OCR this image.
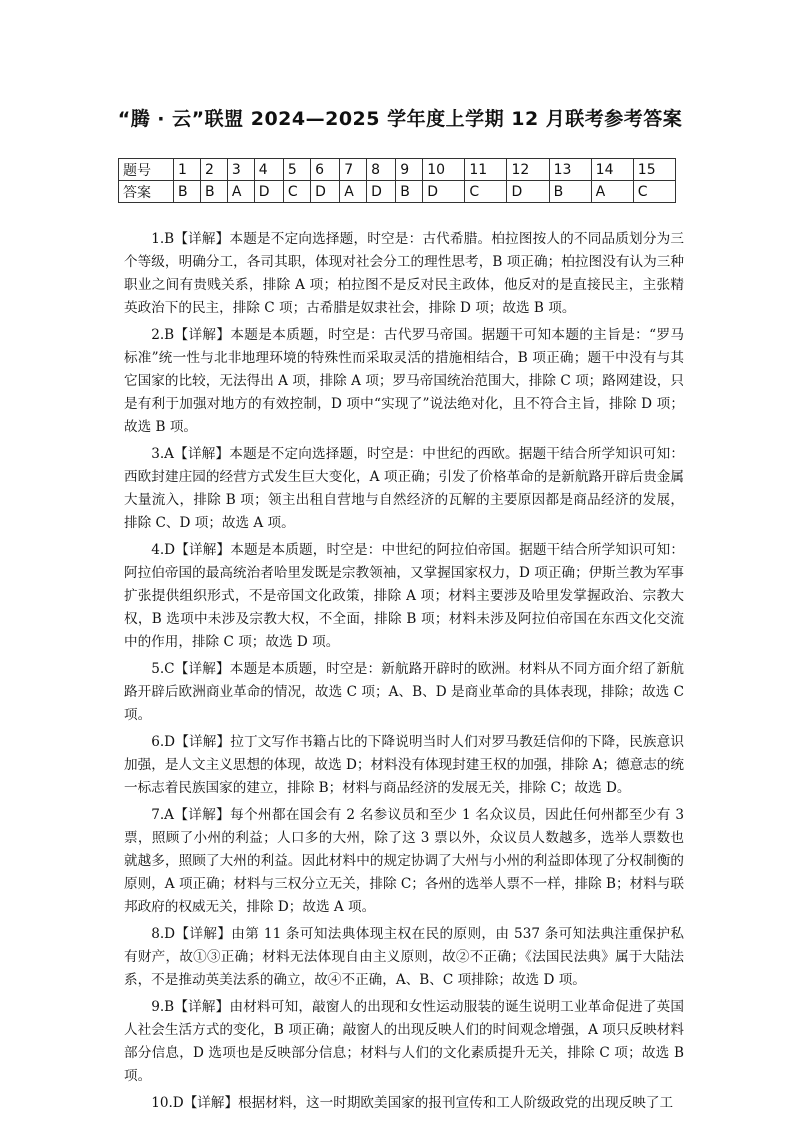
“腾 · 云”联盟 2024—2025 学年度上学期 12 月联考参考答案
题号	1	2	3	4	5	6	7	8	9	10	11	12	13	14	15
答案	B	B	A	D	C	D	A	D	B	D	C	D	B	A	C

1.B【详解】本题是不定向选择题，时空是：古代希腊。柏拉图按人的不同品质划分为三个等级，明确分工，各司其职，体现对社会分工的理性思考，B 项正确；柏拉图没有认为三种职业之间有贵贱关系，排除 A 项；柏拉图不是反对民主政体，他反对的是直接民主，主张精英政治下的民主，排除 C 项；古希腊是奴隶社会，排除 D 项；故选 B 项。

2.B【详解】本题是本质题，时空是：古代罗马帝国。据题干可知本题的主旨是：“罗马标准”统一性与北非地理环境的特殊性而采取灵活的措施相结合，B 项正确；题干中没有与其它国家的比较，无法得出 A 项，排除 A 项；罗马帝国统治范围大，排除 C 项；路网建设，只是有利于加强对地方的有效控制，D 项中“实现了”说法绝对化，且不符合主旨，排除 D 项；故选 B 项。

3.A【详解】本题是不定向选择题，时空是：中世纪的西欧。据题干结合所学知识可知：西欧封建庄园的经营方式发生巨大变化，A 项正确；引发了价格革命的是新航路开辟后贵金属大量流入，排除 B 项；领主出租自营地与自然经济的瓦解的主要原因都是商品经济的发展，排除 C、D 项；故选 A 项。

4.D【详解】本题是本质题，时空是：中世纪的阿拉伯帝国。据题干结合所学知识可知：阿拉伯帝国的最高统治者哈里发既是宗教领袖，又掌握国家权力，D 项正确；伊斯兰教为军事扩张提供组织形式，不是帝国文化政策，排除 A 项；材料主要涉及哈里发掌握政治、宗教大权，B 选项中未涉及宗教大权，不全面，排除 B 项；材料未涉及阿拉伯帝国在东西文化交流中的作用，排除 C 项；故选 D 项。

5.C【详解】本题是本质题，时空是：新航路开辟时的欧洲。材料从不同方面介绍了新航路开辟后欧洲商业革命的情况，故选 C 项；A、B、D 是商业革命的具体表现，排除；故选 C 项。

6.D【详解】拉丁文写作书籍占比的下降说明当时人们对罗马教廷信仰的下降，民族意识加强，是人文主义思想的体现，故选 D；材料没有体现封建王权的加强，排除 A；德意志的统一标志着民族国家的建立，排除 B；材料与商品经济的发展无关，排除 C；故选 D。

7.A【详解】每个州都在国会有 2 名参议员和至少 1 名众议员，因此任何州都至少有 3 票，照顾了小州的利益；人口多的大州，除了这 3 票以外，众议员人数越多，选举人票数也就越多，照顾了大州的利益。因此材料中的规定协调了大州与小州的利益即体现了分权制衡的原则，A 项正确；材料与三权分立无关，排除 C；各州的选举人票不一样，排除 B；材料与联邦政府的权威无关，排除 D；故选 A 项。

8.D【详解】由第 11 条可知法典体现主权在民的原则，由 537 条可知法典注重保护私有财产，故①③正确；材料无法体现自由主义原则，故②不正确；《法国民法典》属于大陆法系，不是推动英美法系的确立，故④不正确，A、B、C 项排除；故选 D 项。

9.B【详解】由材料可知，敲窗人的出现和女性运动服装的诞生说明工业革命促进了英国人社会生活方式的变化，B 项正确；敲窗人的出现反映人们的时间观念增强，A 项只反映材料部分信息，D 选项也是反映部分信息；材料与人们的文化素质提升无关，排除 C 项；故选 B 项。

10.D【详解】根据材料，这一时期欧美国家的报刊宣传和工人阶级政党的出现反映了工
